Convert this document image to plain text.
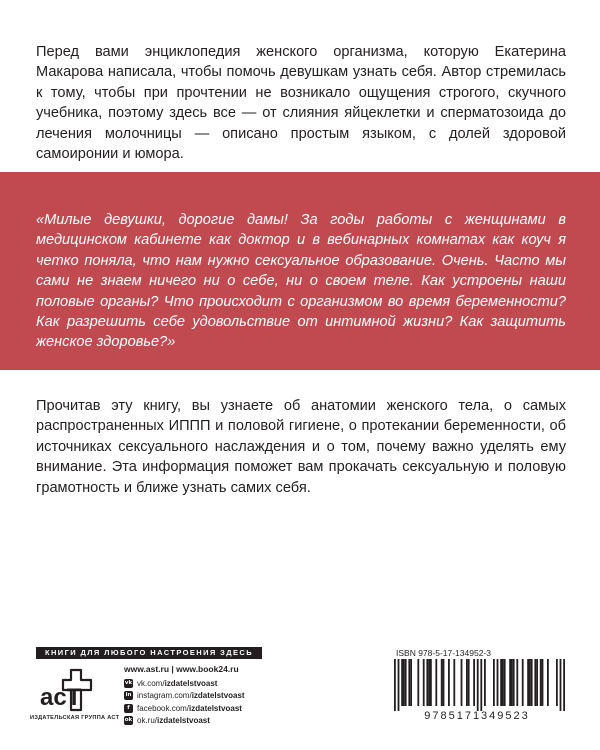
Перед вами энциклопедия женского организма, которую Екатерина Макарова написала, чтобы помочь девушкам узнать себя. Автор стремилась к тому, чтобы при прочтении не возникало ощущения строгого, скучного учебника, поэтому здесь все — от слияния яйцеклетки и сперматозоида до лечения молочницы — описано простым языком, с долей здоровой самоиронии и юмора.

«Милые девушки, дорогие дамы! За годы работы с женщинами в медицинском кабинете как доктор и в вебинарных комнатах как коуч я четко поняла, что нам нужно сексуальное образование. Очень. Часто мы сами не знаем ничего ни о себе, ни о своем теле. Как устроены наши половые органы? Что происходит с организмом во время беременности? Как разрешить себе удовольствие от интимной жизни? Как защитить женское здоровье?»

Прочитав эту книгу, вы узнаете об анатомии женского тела, о самых распространенных ИППП и половой гигиене, о протекании беременности, об источниках сексуального наслаждения и о том, почему важно уделять ему внимание. Эта информация поможет вам прокачать сексуальную и половую грамотность и ближе узнать самих себя.

КНИГИ ДЛЯ ЛЮБОГО НАСТРОЕНИЯ ЗДЕСЬ
www.ast.ru | www.book24.ru
acT
ИЗДАТЕЛЬСКАЯ ГРУППА АСТ
vk vk.com/ izdatelstvoast
in instagram.com/ izdatelstvoast
f facebook.com/ izdatelstvoast
ok ok.ru/ izdatelstvoast
ISBN 978-5-17-134952-3
9785171349523
